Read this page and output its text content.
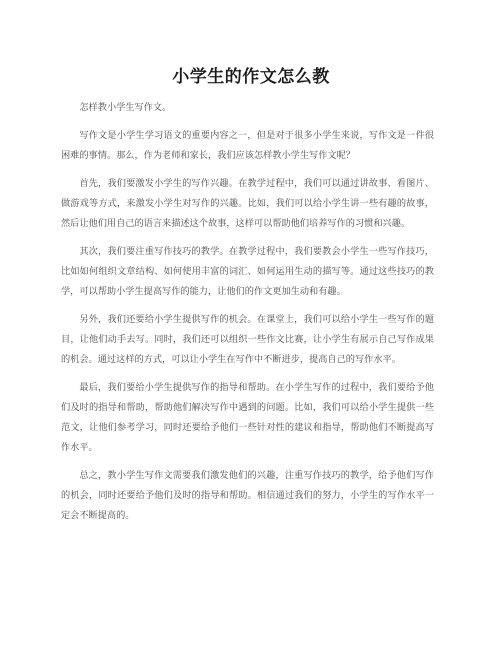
小学生的作文怎么教

怎样教小学生写作文。

写作文是小学生学习语文的重要内容之一，但是对于很多小学生来说，写作文是一件很困难的事情。那么，作为老师和家长，我们应该怎样教小学生写作文呢？

首先，我们要激发小学生的写作兴趣。在教学过程中，我们可以通过讲故事、看图片、做游戏等方式，来激发小学生对写作的兴趣。比如，我们可以给小学生讲一些有趣的故事，然后让他们用自己的语言来描述这个故事，这样可以帮助他们培养写作的习惯和兴趣。

其次，我们要注重写作技巧的教学。在教学过程中，我们要教会小学生一些写作技巧，比如如何组织文章结构、如何使用丰富的词汇、如何运用生动的描写等。通过这些技巧的教学，可以帮助小学生提高写作的能力，让他们的作文更加生动和有趣。

另外，我们还要给小学生提供写作的机会。在课堂上，我们可以给小学生一些写作的题目，让他们动手去写。同时，我们还可以组织一些作文比赛，让小学生有展示自己写作成果的机会。通过这样的方式，可以让小学生在写作中不断进步，提高自己的写作水平。

最后，我们要给小学生提供写作的指导和帮助。在小学生写作的过程中，我们要给予他们及时的指导和帮助，帮助他们解决写作中遇到的问题。比如，我们可以给小学生提供一些范文，让他们参考学习，同时还要给予他们一些针对性的建议和指导，帮助他们不断提高写作水平。

总之，教小学生写作文需要我们激发他们的兴趣，注重写作技巧的教学，给予他们写作的机会，同时还要给予他们及时的指导和帮助。相信通过我们的努力，小学生的写作水平一定会不断提高的。
